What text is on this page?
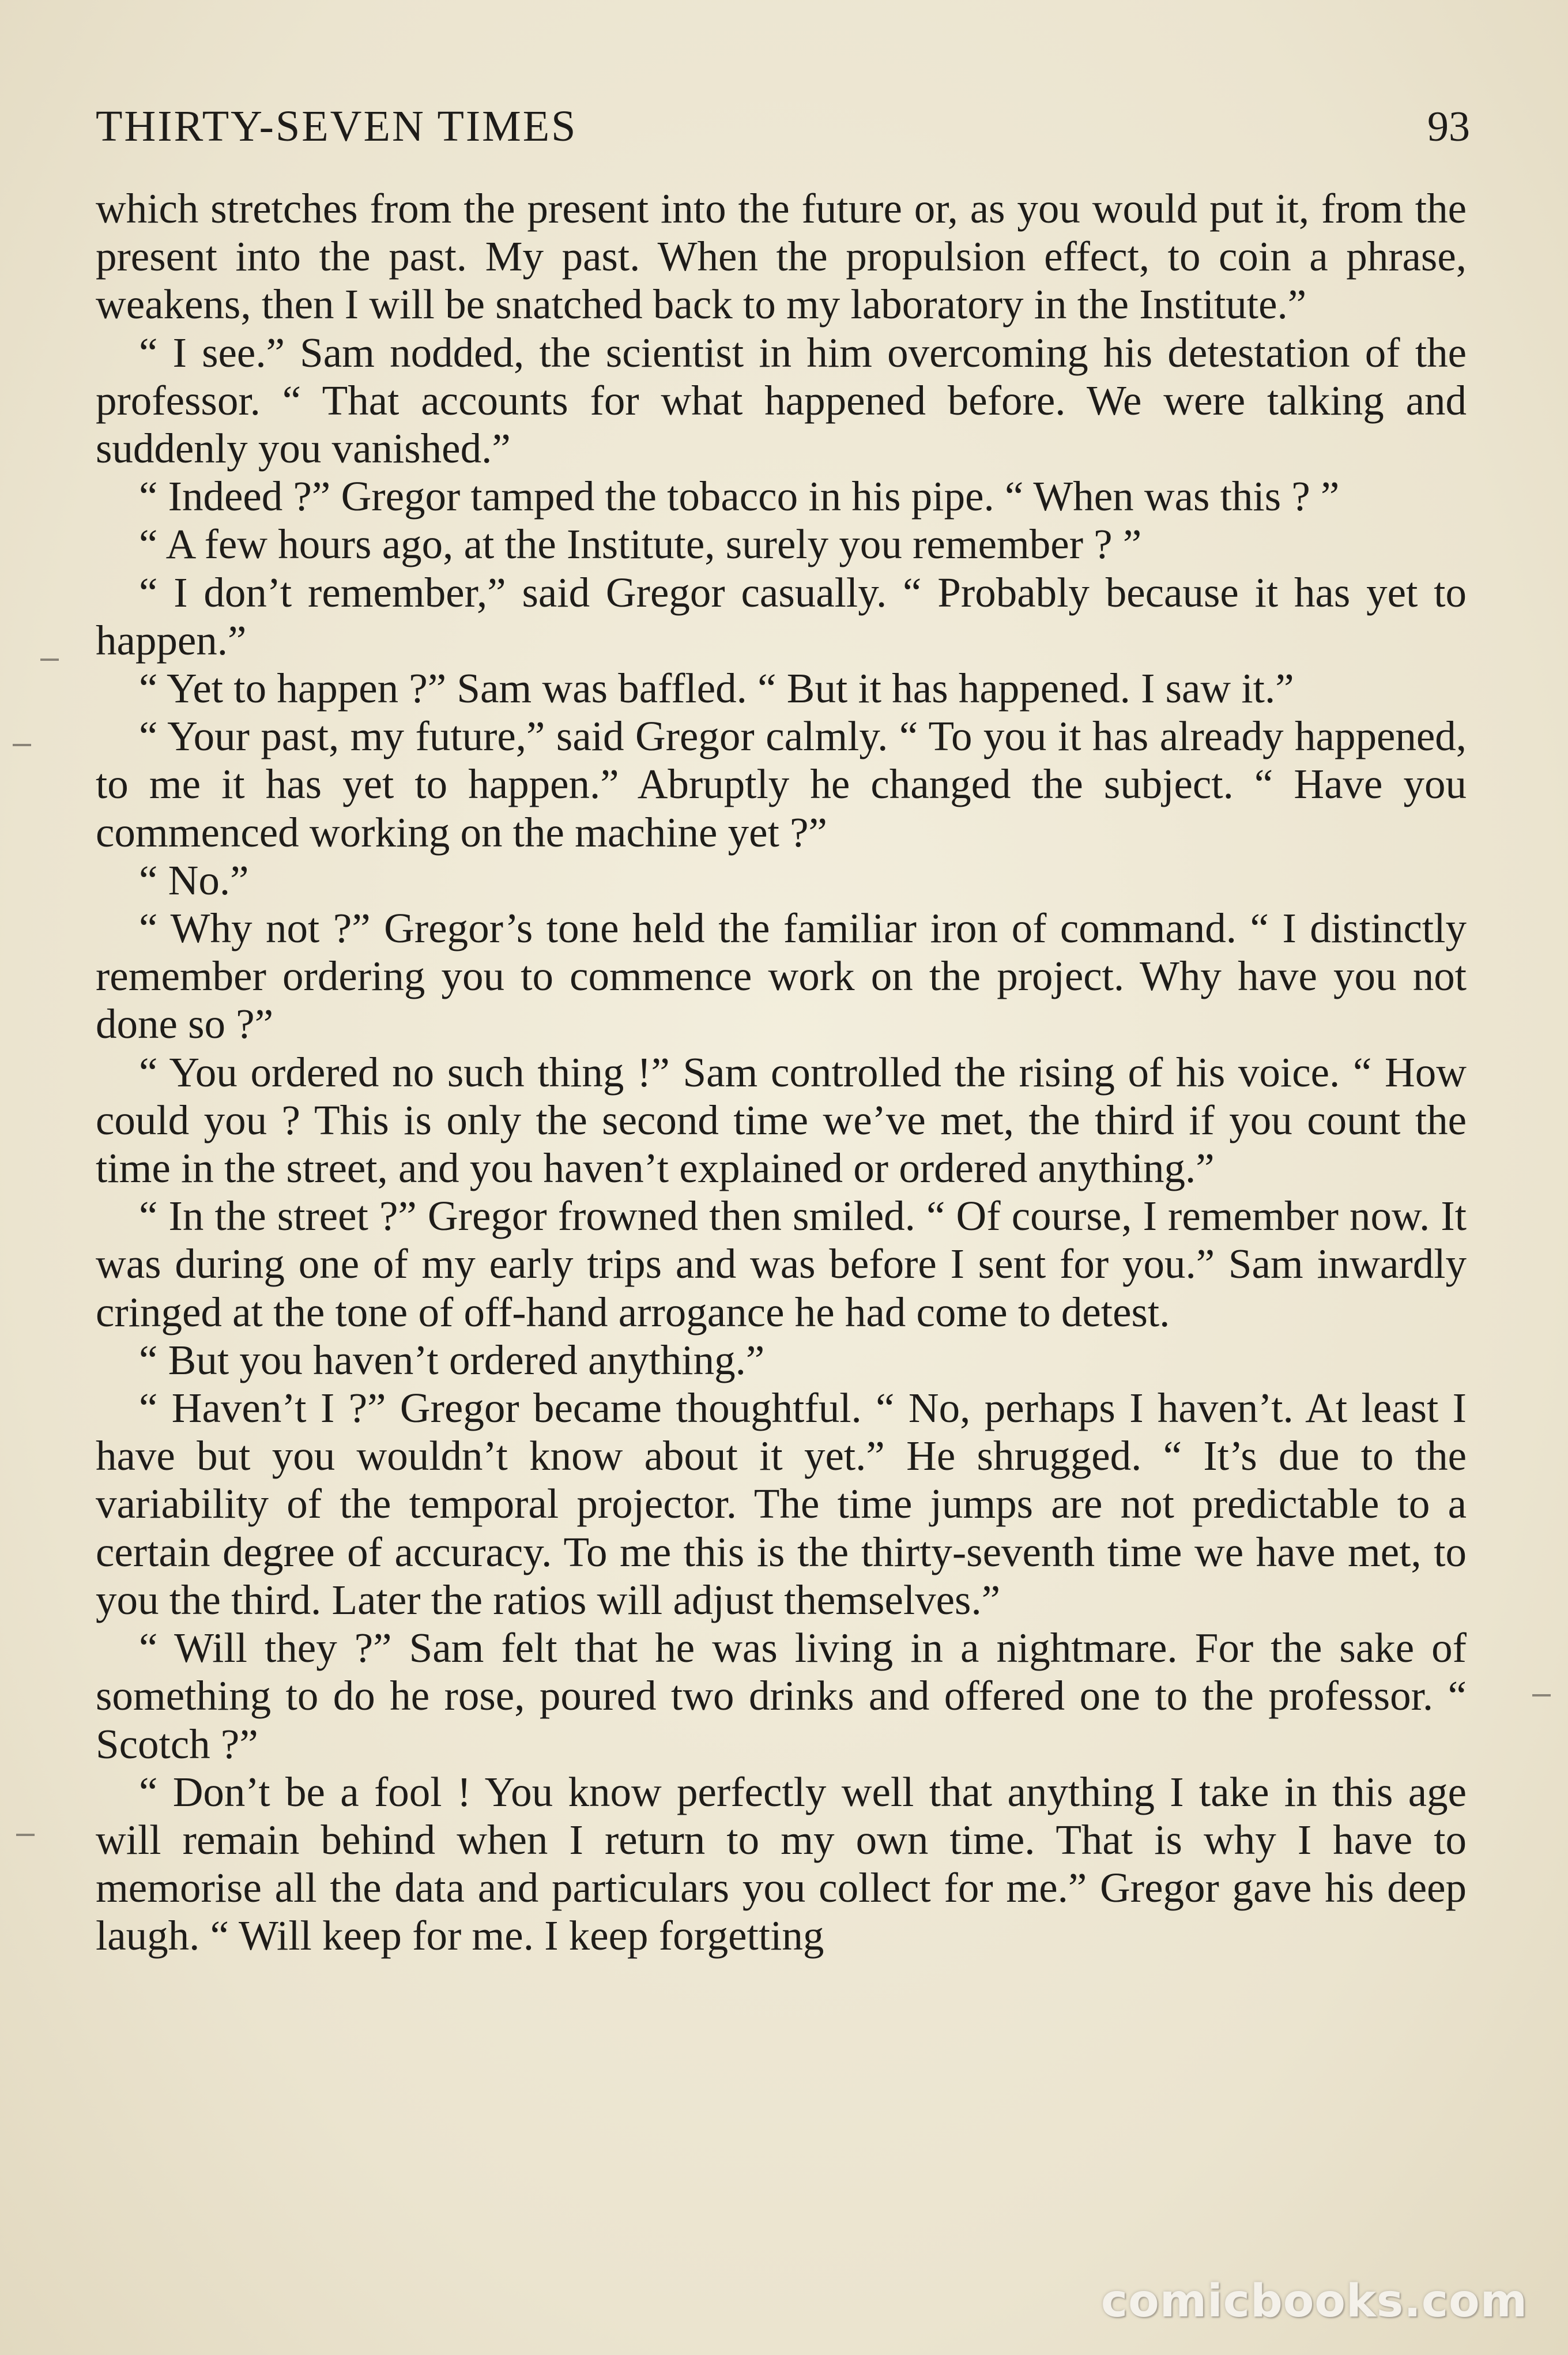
THIRTY-SEVEN TIMES	93

which stretches from the present into the future or, as you would put it, from the present into the past. My past. When the propulsion effect, to coin a phrase, weakens, then I will be snatched back to my laboratory in the Institute.”

“ I see.” Sam nodded, the scientist in him overcoming his detestation of the professor. “ That accounts for what happened before. We were talking and suddenly you vanished.”

“ Indeed ?” Gregor tamped the tobacco in his pipe. “ When was this ? ”

“ A few hours ago, at the Institute, surely you remember ? ”

“ I don’t remember,” said Gregor casually. “ Probably because it has yet to happen.”

“ Yet to happen ?” Sam was baffled. “ But it has happened. I saw it.”

“ Your past, my future,” said Gregor calmly. “ To you it has already happened, to me it has yet to happen.” Abruptly he changed the subject. “ Have you commenced working on the machine yet ?”

“ No.”

“ Why not ?” Gregor’s tone held the familiar iron of command. “ I distinctly remember ordering you to commence work on the project. Why have you not done so ?”

“ You ordered no such thing !” Sam controlled the rising of his voice. “ How could you ? This is only the second time we’ve met, the third if you count the time in the street, and you haven’t explained or ordered anything.”

“ In the street ?” Gregor frowned then smiled. “ Of course, I remember now. It was during one of my early trips and was before I sent for you.” Sam inwardly cringed at the tone of off-hand arrogance he had come to detest.

“ But you haven’t ordered anything.”

“ Haven’t I ?” Gregor became thoughtful. “ No, perhaps I haven’t. At least I have but you wouldn’t know about it yet.” He shrugged. “ It’s due to the variability of the temporal projector. The time jumps are not predictable to a certain degree of accuracy. To me this is the thirty-seventh time we have met, to you the third. Later the ratios will adjust themselves.”

“ Will they ?” Sam felt that he was living in a nightmare. For the sake of something to do he rose, poured two drinks and offered one to the professor. “ Scotch ?”

“ Don’t be a fool ! You know perfectly well that anything I take in this age will remain behind when I return to my own time. That is why I have to memorise all the data and particulars you collect for me.” Gregor gave his deep laugh. “ Will keep for me. I keep forgetting

comicbooks.com
